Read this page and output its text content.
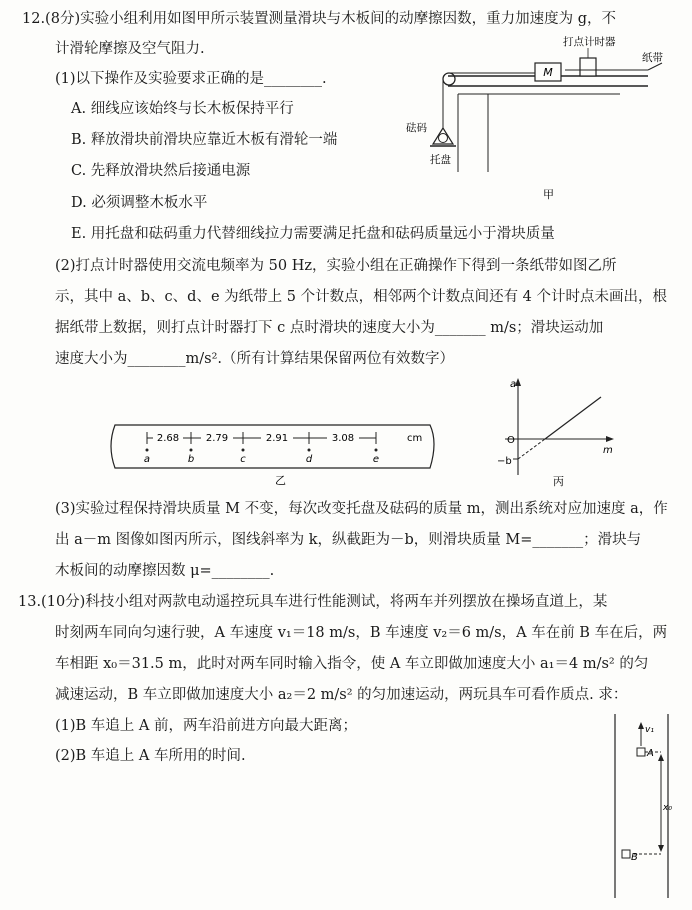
12.(8分)实验小组利用如图甲所示装置测量滑块与木板间的动摩擦因数，重力加速度为 g，不
计滑轮摩擦及空气阻力.
(1)以下操作及实验要求正确的是________.
A. 细线应该始终与长木板保持平行
B. 释放滑块前滑块应靠近木板有滑轮一端
C. 先释放滑块然后接通电源
D. 必须调整木板水平
E. 用托盘和砝码重力代替细线拉力需要满足托盘和砝码质量远小于滑块质量
(2)打点计时器使用交流电频率为 50 Hz，实验小组在正确操作下得到一条纸带如图乙所
示，其中 a、b、c、d、e 为纸带上 5 个计数点，相邻两个计数点间还有 4 个计时点未画出，根
据纸带上数据，则打点计时器打下 c 点时滑块的速度大小为_______ m/s；滑块运动加
速度大小为________m/s².（所有计算结果保留两位有效数字）
(3)实验过程保持滑块质量 M 不变，每次改变托盘及砝码的质量 m，测出系统对应加速度 a，作
出 a－m 图像如图丙所示，图线斜率为 k，纵截距为－b，则滑块质量 M=_______；滑块与
木板间的动摩擦因数 μ=________.
M
打点计时器
纸带
砝码
托盘
甲
2.68	2.79	2.91	3.08	cm
a	b	c	d	e
乙
a
m
O
−b
丙
13.(10分)科技小组对两款电动遥控玩具车进行性能测试，将两车并列摆放在操场直道上，某
时刻两车同向匀速行驶，A 车速度 v₁＝18 m/s，B 车速度 v₂＝6 m/s，A 车在前 B 车在后，两
车相距 x₀＝31.5 m，此时对两车同时输入指令，使 A 车立即做加速度大小 a₁＝4 m/s² 的匀
减速运动，B 车立即做加速度大小 a₂＝2 m/s² 的匀加速运动，两玩具车可看作质点. 求：
(1)B 车追上 A 前，两车沿前进方向最大距离；
(2)B 车追上 A 车所用的时间.
v₁
A
x₀
B
